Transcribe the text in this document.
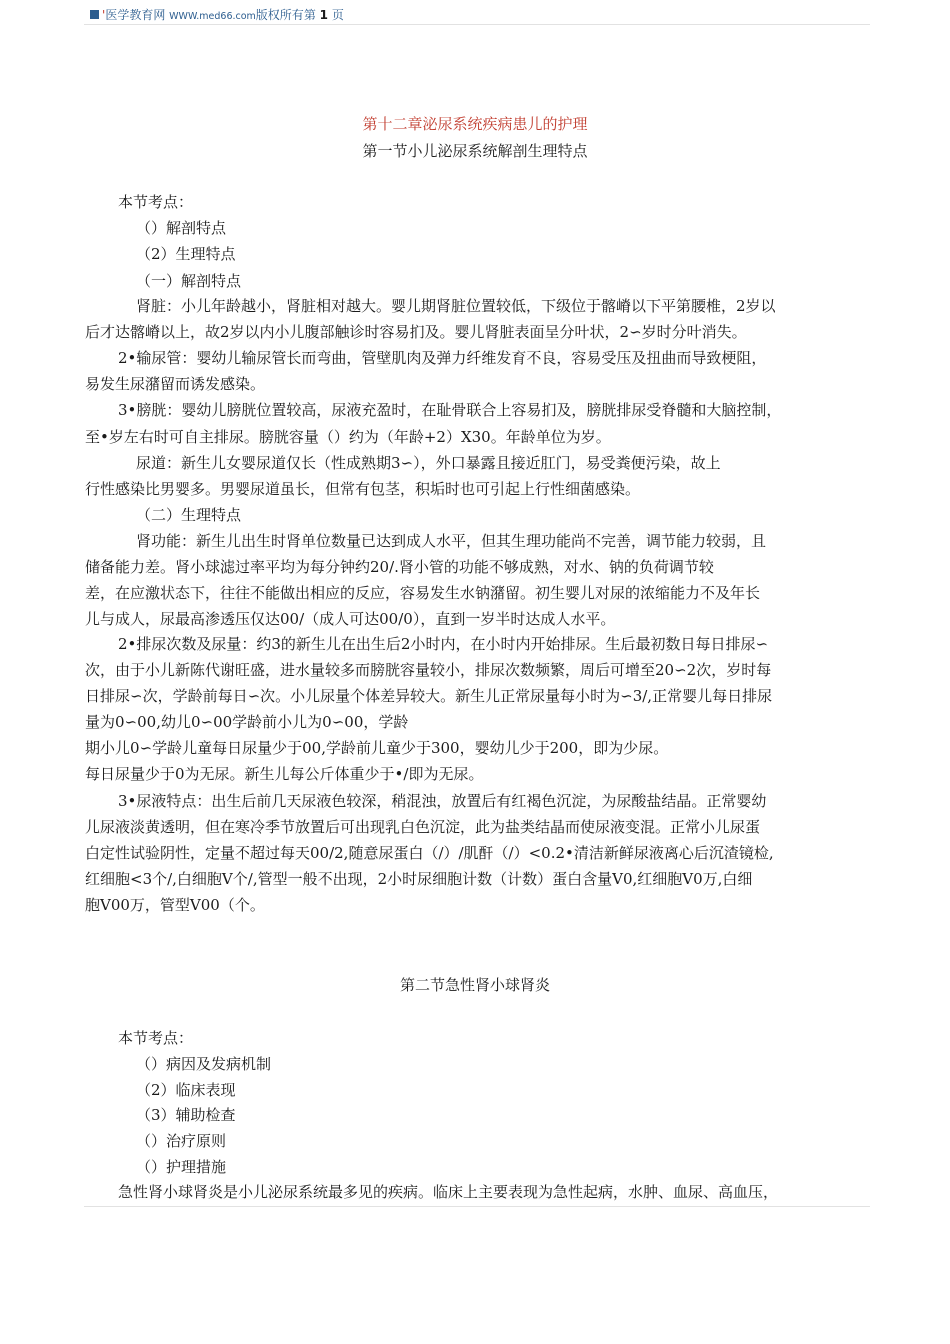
'医学教育网 WWW.med66.com版权所有第 1 页
第十二章泌尿系统疾病患儿的护理
第一节小儿泌尿系统解剖生理特点
本节考点：
（）解剖特点
（2）生理特点
（一）解剖特点
肾脏：小儿年龄越小，肾脏相对越大。婴儿期肾脏位置较低，下级位于髂嵴以下平第腰椎，2岁以
后才达髂嵴以上，故2岁以内小儿腹部触诊时容易扪及。婴儿肾脏表面呈分叶状，2∽岁时分叶消失。
2•输尿管：婴幼儿输尿管长而弯曲，管壁肌肉及弹力纤维发育不良，容易受压及扭曲而导致梗阻，
易发生尿潴留而诱发感染。
3•膀胱：婴幼儿膀胱位置较高，尿液充盈时，在耻骨联合上容易扪及，膀胱排尿受脊髓和大脑控制，
至•岁左右时可自主排尿。膀胱容量（）约为（年龄+2）X30。年龄单位为岁。
尿道：新生儿女婴尿道仅长（性成熟期3∽），外口暴露且接近肛门，易受粪便污染，故上
行性感染比男婴多。男婴尿道虽长，但常有包茎，积垢时也可引起上行性细菌感染。
（二）生理特点
肾功能：新生儿出生时肾单位数量已达到成人水平，但其生理功能尚不完善，调节能力较弱，且
储备能力差。肾小球滤过率平均为每分钟约20/.肾小管的功能不够成熟，对水、钠的负荷调节较
差，在应激状态下，往往不能做出相应的反应，容易发生水钠潴留。初生婴儿对尿的浓缩能力不及年长
儿与成人，尿最高渗透压仅达00/（成人可达00/0），直到一岁半时达成人水平。
2•排尿次数及尿量：约3的新生儿在出生后2小时内，在小时内开始排尿。生后最初数日每日排尿∽
次，由于小儿新陈代谢旺盛，进水量较多而膀胱容量较小，排尿次数频繁，周后可增至20∽2次，岁时每
日排尿∽次，学龄前每日∽次。小儿尿量个体差异较大。新生儿正常尿量每小时为∽3/,正常婴儿每日排尿
量为0∽00,幼儿0∽00学龄前小儿为0∽00，学龄
期小儿0∽学龄儿童每日尿量少于00,学龄前儿童少于300，婴幼儿少于200，即为少尿。
每日尿量少于0为无尿。新生儿每公斤体重少于•/即为无尿。
3•尿液特点：出生后前几天尿液色较深，稍混浊，放置后有红褐色沉淀，为尿酸盐结晶。正常婴幼
儿尿液淡黄透明，但在寒冷季节放置后可出现乳白色沉淀，此为盐类结晶而使尿液变混。正常小儿尿蛋
白定性试验阴性，定量不超过每天00/2,随意尿蛋白（/）/肌酐（/）<0.2•清洁新鲜尿液离心后沉渣镜检,
红细胞<3个/,白细胞V个/,管型一般不出现，2小时尿细胞计数（计数）蛋白含量V0,红细胞V0万,白细
胞V00万，管型V00（个。
第二节急性肾小球肾炎
本节考点：
（）病因及发病机制
（2）临床表现
（3）辅助检查
（）治疗原则
（）护理措施
急性肾小球肾炎是小儿泌尿系统最多见的疾病。临床上主要表现为急性起病，水肿、血尿、高血压，
